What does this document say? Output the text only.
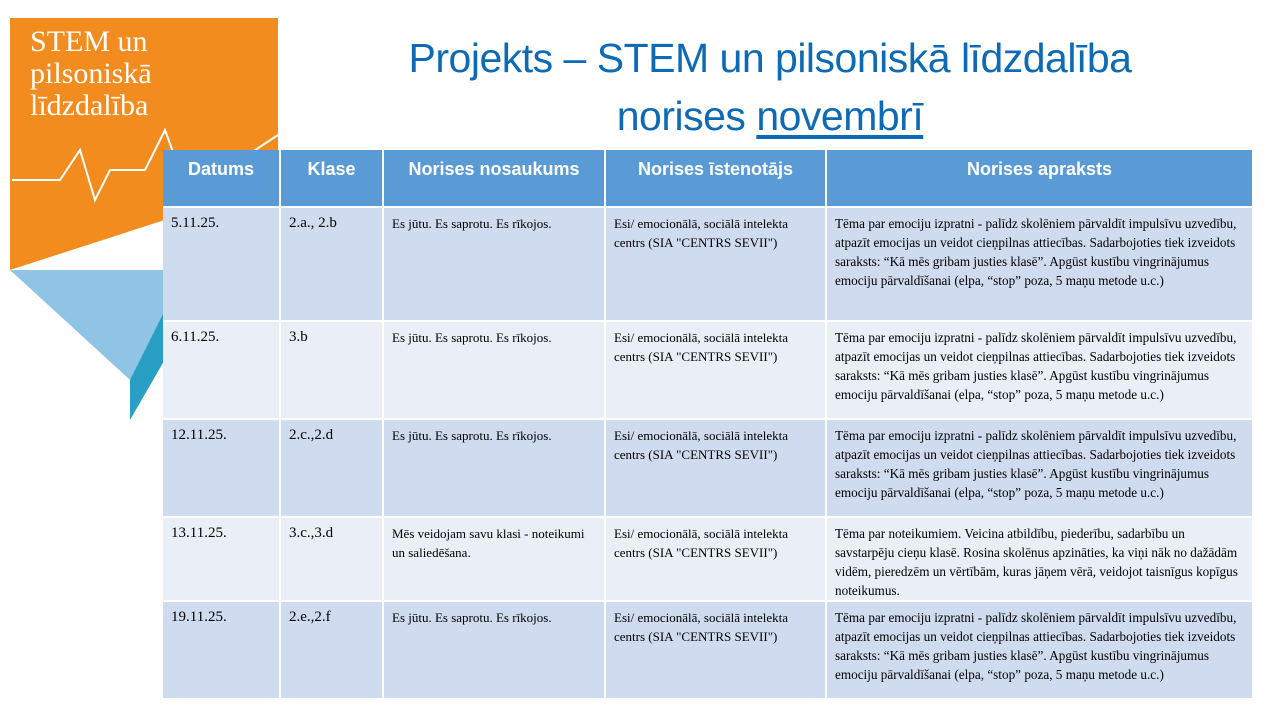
STEM un
pilsoniskā
līdzdalība
Projekts – STEM un pilsoniskā līdzdalība
norises novembrī
Datums	Klase	Norises nosaukums	Norises īstenotājs	Norises apraksts
5.11.25.	2.a., 2.b	Es jūtu. Es saprotu. Es rīkojos.	Esi/ emocionālā, sociālā intelekta centrs (SIA "CENTRS SEVII")	Tēma par emociju izpratni - palīdz skolēniem pārvaldīt impulsīvu uzvedību, atpazīt emocijas un veidot cieņpilnas attiecības. Sadarbojoties tiek izveidots saraksts: “Kā mēs gribam justies klasē”. Apgūst kustību vingrinājumus emociju pārvaldīšanai (elpa, “stop” poza, 5 maņu metode u.c.)
6.11.25.	3.b	Es jūtu. Es saprotu. Es rīkojos.	Esi/ emocionālā, sociālā intelekta centrs (SIA "CENTRS SEVII")	Tēma par emociju izpratni - palīdz skolēniem pārvaldīt impulsīvu uzvedību, atpazīt emocijas un veidot cieņpilnas attiecības. Sadarbojoties tiek izveidots saraksts: “Kā mēs gribam justies klasē”. Apgūst kustību vingrinājumus emociju pārvaldīšanai (elpa, “stop” poza, 5 maņu metode u.c.)
12.11.25.	2.c.,2.d	Es jūtu. Es saprotu. Es rīkojos.	Esi/ emocionālā, sociālā intelekta centrs (SIA "CENTRS SEVII")	Tēma par emociju izpratni - palīdz skolēniem pārvaldīt impulsīvu uzvedību, atpazīt emocijas un veidot cieņpilnas attiecības. Sadarbojoties tiek izveidots saraksts: “Kā mēs gribam justies klasē”. Apgūst kustību vingrinājumus emociju pārvaldīšanai (elpa, “stop” poza, 5 maņu metode u.c.)
13.11.25.	3.c.,3.d	Mēs veidojam savu klasi - noteikumi un saliedēšana.	Esi/ emocionālā, sociālā intelekta centrs (SIA "CENTRS SEVII")	Tēma par noteikumiem. Veicina atbildību, piederību, sadarbību un savstarpēju cieņu klasē. Rosina skolēnus apzināties, ka viņi nāk no dažādām vidēm, pieredzēm un vērtībām, kuras jāņem vērā, veidojot taisnīgus kopīgus noteikumus.
19.11.25.	2.e.,2.f	Es jūtu. Es saprotu. Es rīkojos.	Esi/ emocionālā, sociālā intelekta centrs (SIA "CENTRS SEVII")	Tēma par emociju izpratni - palīdz skolēniem pārvaldīt impulsīvu uzvedību, atpazīt emocijas un veidot cieņpilnas attiecības. Sadarbojoties tiek izveidots saraksts: “Kā mēs gribam justies klasē”. Apgūst kustību vingrinājumus emociju pārvaldīšanai (elpa, “stop” poza, 5 maņu metode u.c.)
